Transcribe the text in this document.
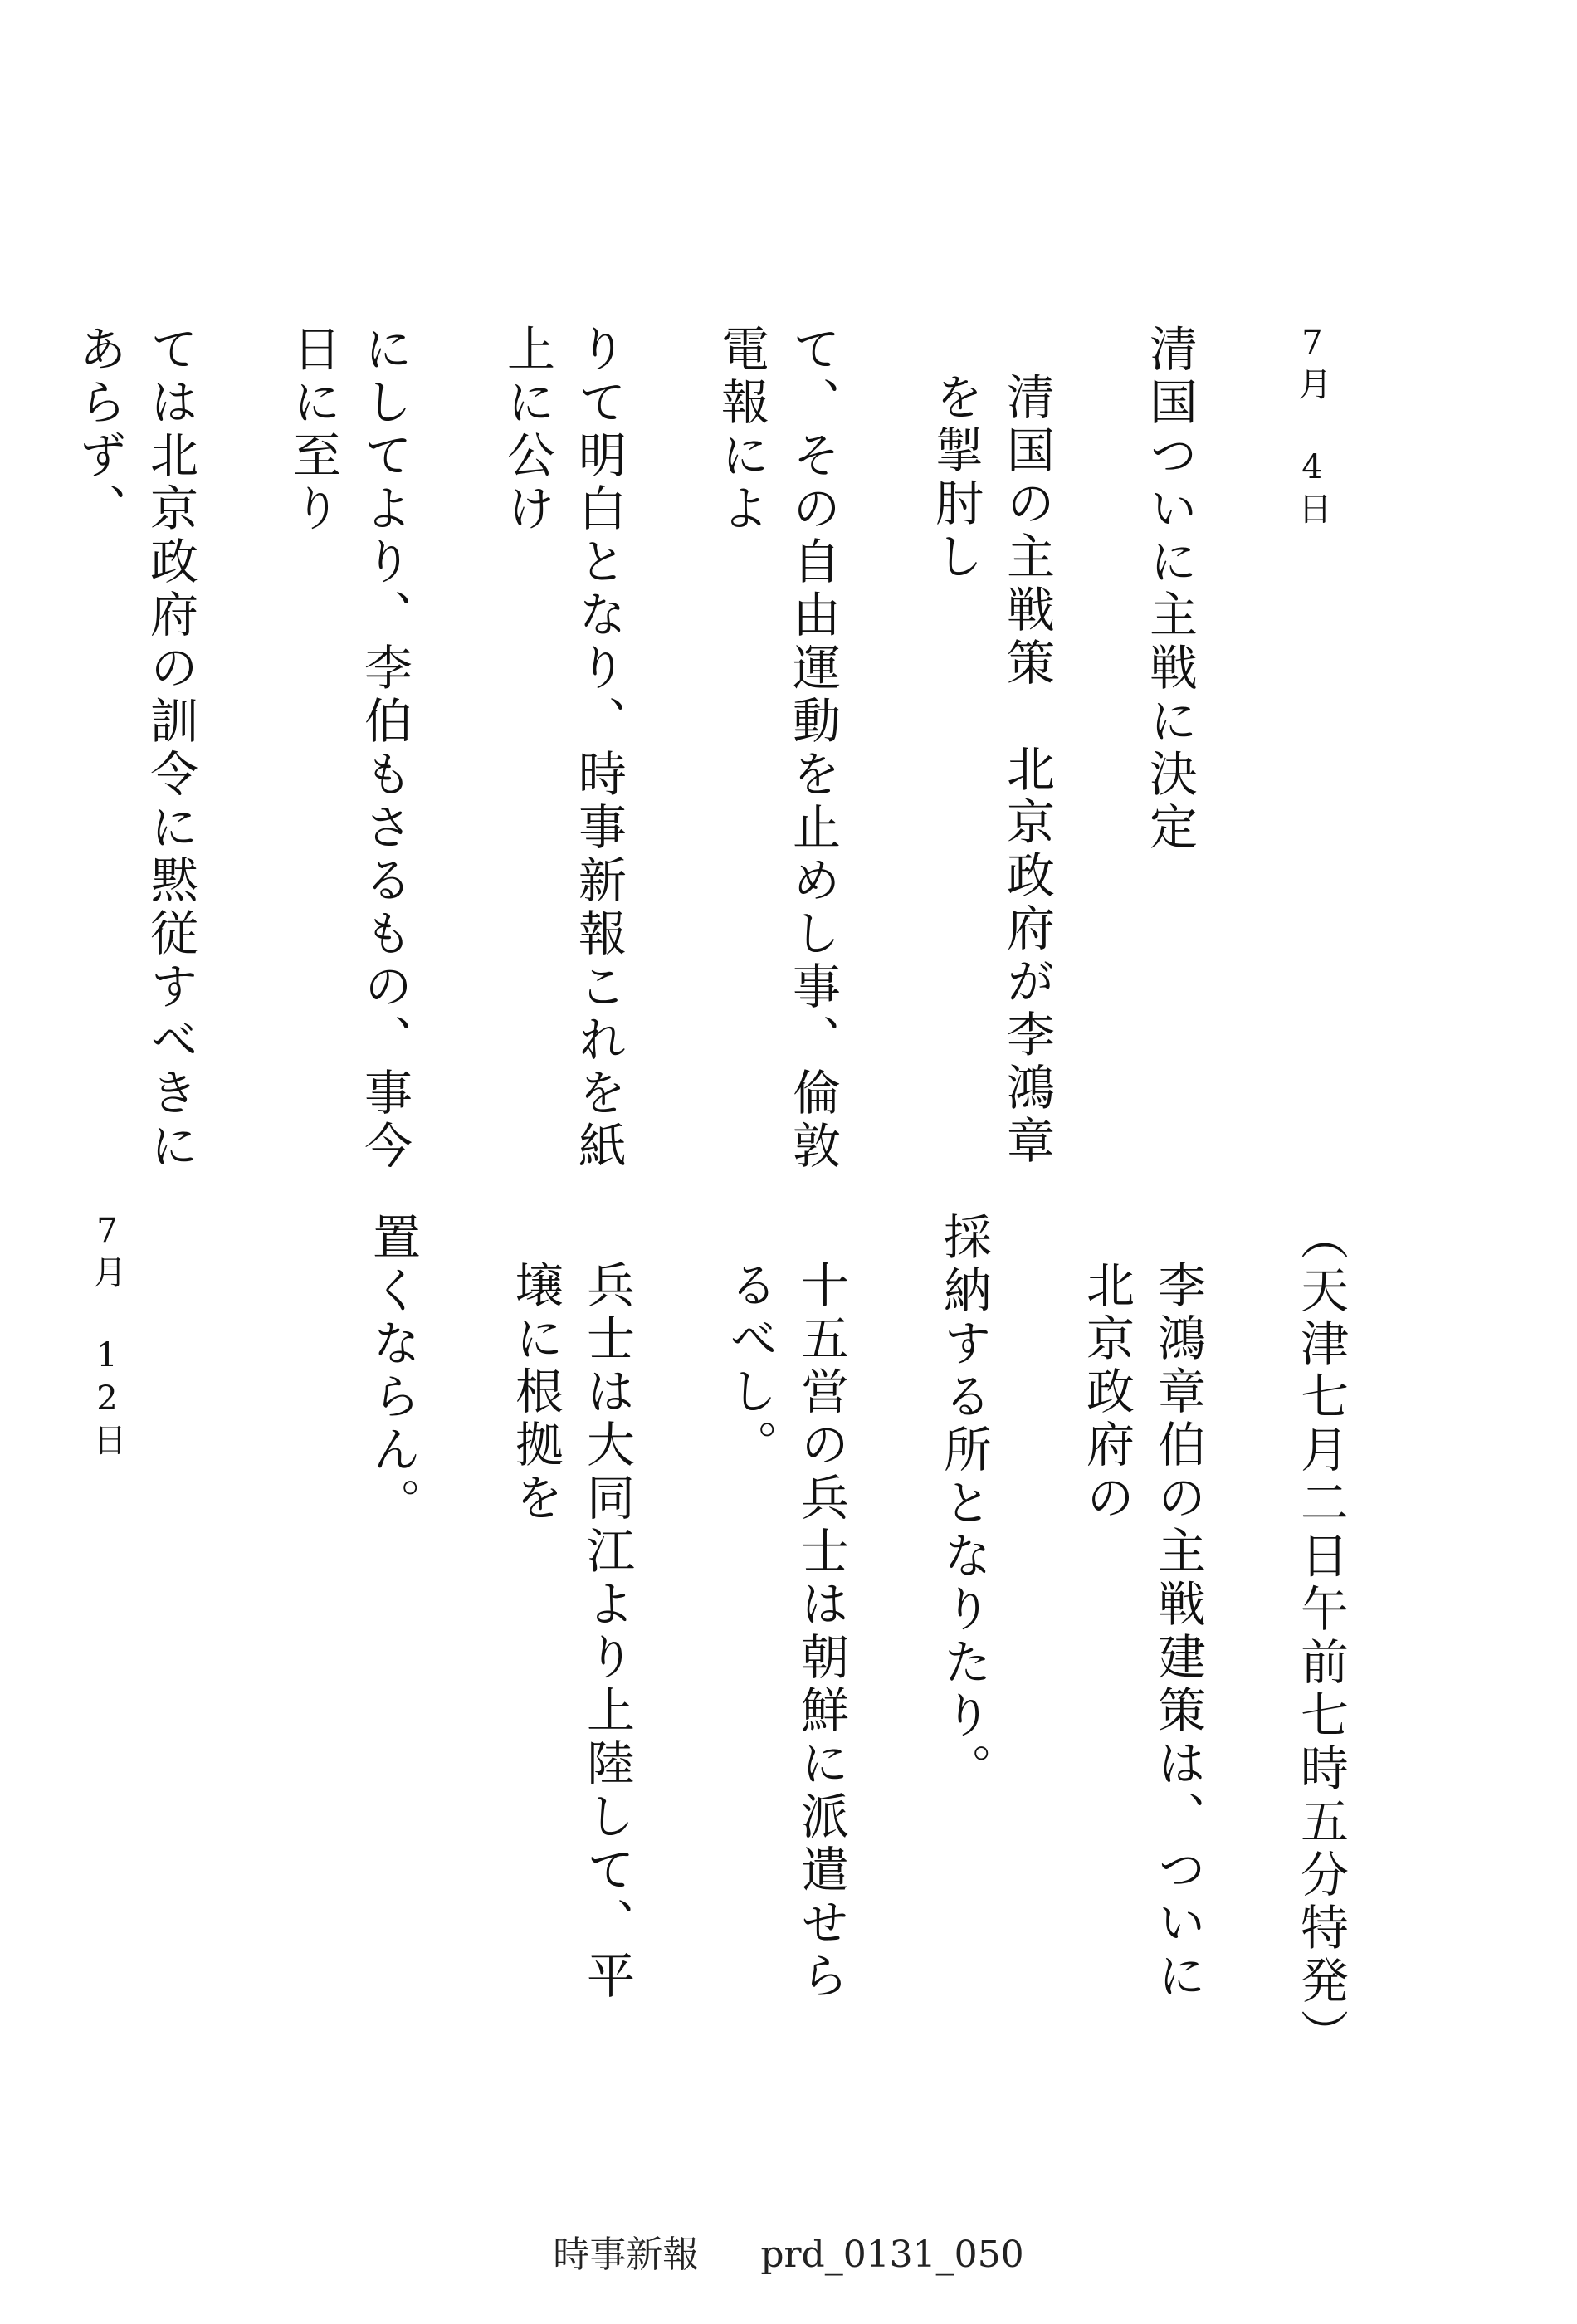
7月 4日

清国ついに主戦に決定

清国の主戦策　北京政府が李鴻章を掣肘し

て、その自由運動を止めし事、倫敦電報によ

りて明白となり、時事新報これを紙上に公け

にしてより、李伯もさるもの、事今日に至り

ては北京政府の訓令に黙従すべきにあらず、

（天津七月二日午前七時五分特発）

李鴻章伯の主戦建策は、ついに北京政府の

採納する所となりたり。

十五営の兵士は朝鮮に派遣せらるべし。

兵士は大同江より上陸して、平壌に根拠を

置くならん。

7月 12日

時事新報 prd_0131_050
